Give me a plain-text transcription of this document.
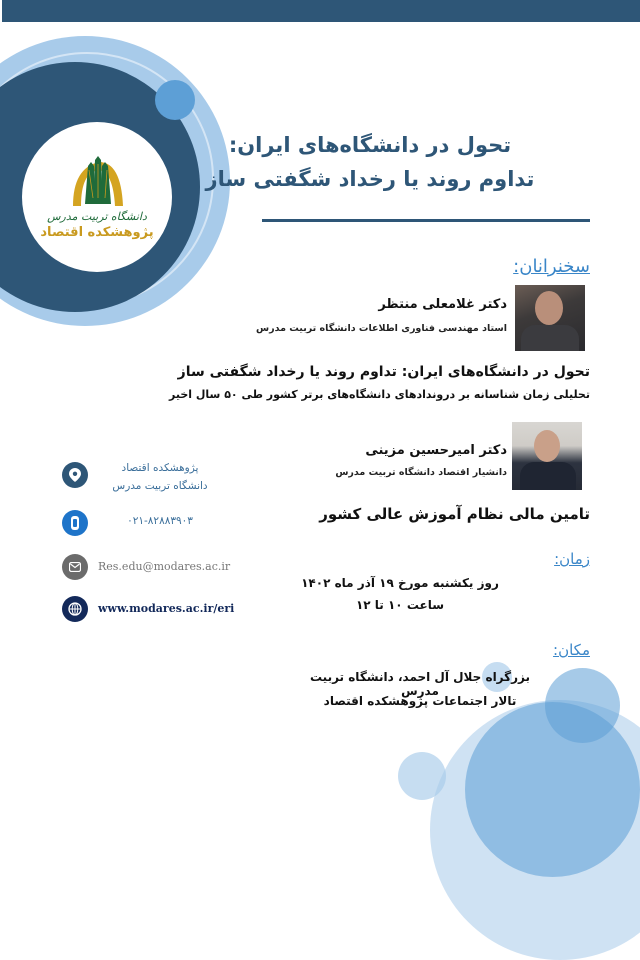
دانشگاه تربیت مدرس
پژوهشکده اقتصاد
تحول در دانشگاه‌های ایران:
تداوم روند یا رخداد شگفتی ساز
سخنرانان:
دکتر غلامعلی منتظر
استاد مهندسی فناوری اطلاعات دانشگاه تربیت مدرس
تحول در دانشگاه‌های ایران: تداوم روند یا رخداد شگفتی ساز
تحلیلی زمان شناسانه بر دروندادهای دانشگاه‌های برتر کشور طی ۵۰ سال اخیر
دکتر امیرحسین مزینی
دانشیار اقتصاد دانشگاه تربیت مدرس
تامین مالی نظام آموزش عالی کشور
پژوهشکده اقتصاد
دانشگاه تربیت مدرس
۰۲۱-۸۲۸۸۳۹۰۳
Res.edu@modares.ac.ir
www.modares.ac.ir/eri
زمان:
روز یکشنبه مورخ ۱۹ آذر ماه ۱۴۰۲
ساعت ۱۰ تا ۱۲
مکان:
بزرگراه جلال آل احمد، دانشگاه تربیت مدرس
تالار اجتماعات پژوهشکده اقتصاد
